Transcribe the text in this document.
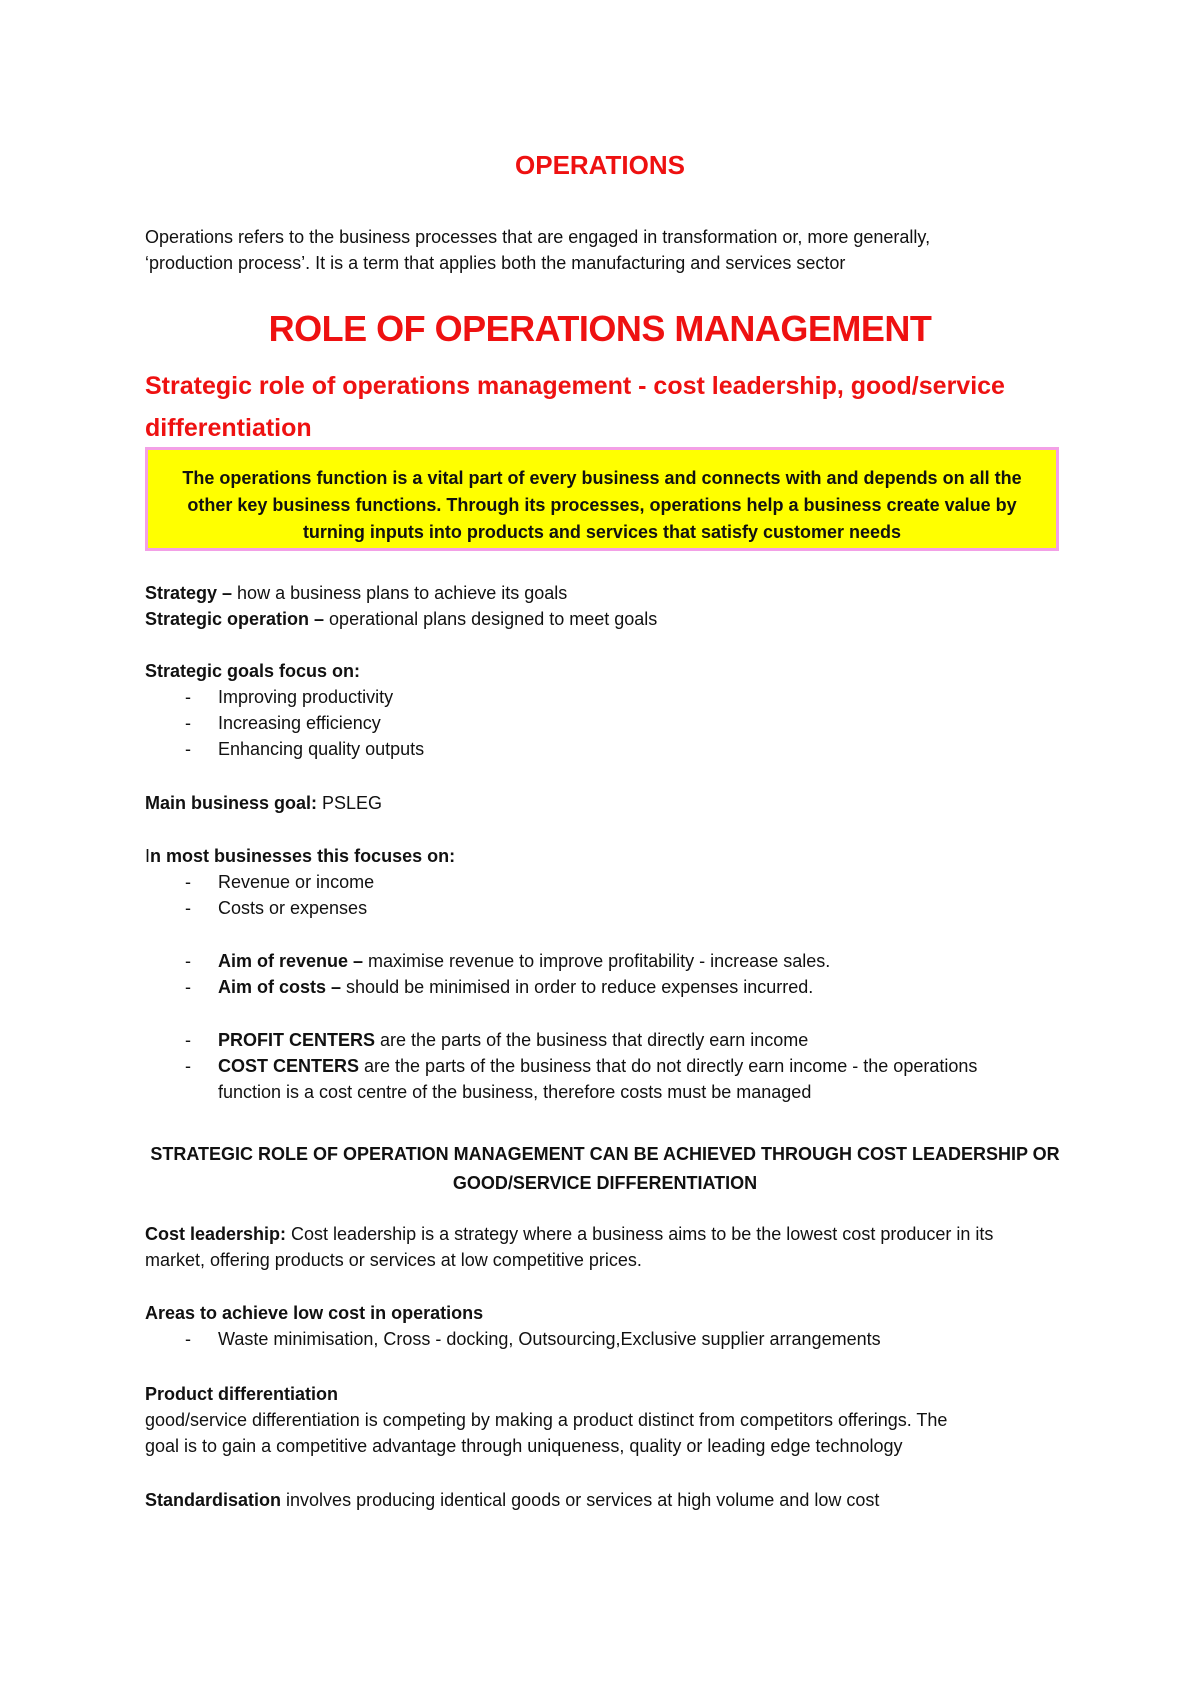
OPERATIONS
Operations refers to the business processes that are engaged in transformation or, more generally,
‘production process’. It is a term that applies both the manufacturing and services sector
ROLE OF OPERATIONS MANAGEMENT
Strategic role of operations management - cost leadership, good/service
differentiation
The operations function is a vital part of every business and connects with and depends on all the
other key business functions. Through its processes, operations help a business create value by
turning inputs into products and services that satisfy customer needs
Strategy – how a business plans to achieve its goals
Strategic operation – operational plans designed to meet goals
Strategic goals focus on:
- Improving productivity
- Increasing efficiency
- Enhancing quality outputs
Main business goal: PSLEG
In most businesses this focuses on:
- Revenue or income
- Costs or expenses
- Aim of revenue – maximise revenue to improve profitability - increase sales.
- Aim of costs – should be minimised in order to reduce expenses incurred.
- PROFIT CENTERS are the parts of the business that directly earn income
- COST CENTERS are the parts of the business that do not directly earn income - the operations
function is a cost centre of the business, therefore costs must be managed
STRATEGIC ROLE OF OPERATION MANAGEMENT CAN BE ACHIEVED THROUGH COST LEADERSHIP OR
GOOD/SERVICE DIFFERENTIATION
Cost leadership: Cost leadership is a strategy where a business aims to be the lowest cost producer in its
market, offering products or services at low competitive prices.
Areas to achieve low cost in operations
- Waste minimisation, Cross - docking, Outsourcing,Exclusive supplier arrangements
Product differentiation
good/service differentiation is competing by making a product distinct from competitors offerings. The
goal is to gain a competitive advantage through uniqueness, quality or leading edge technology
Standardisation involves producing identical goods or services at high volume and low cost
